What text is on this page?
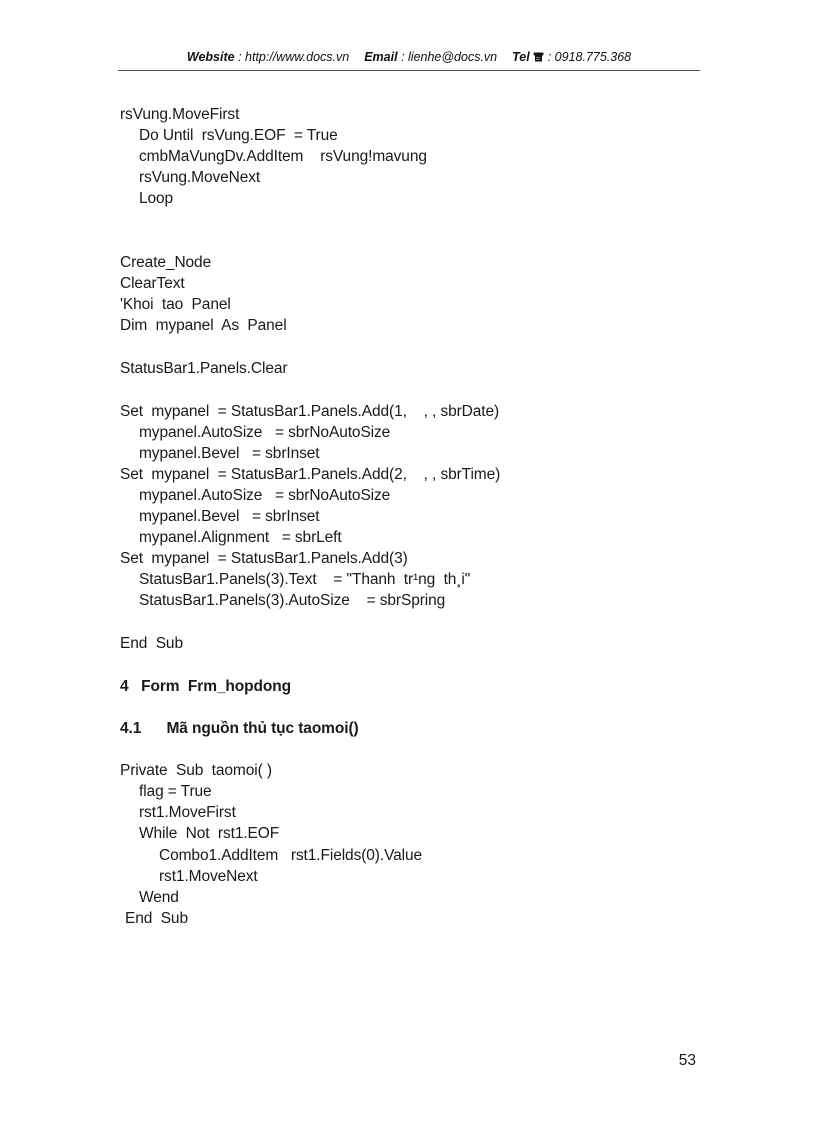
Website : http://www.docs.vn Email : lienhe@docs.vn Tel : 0918.775.368
rsVung.MoveFirst
Do Until  rsVung.EOF  = True
cmbMaVungDv.AddItem    rsVung!mavung
rsVung.MoveNext
Loop
Create_Node
ClearText
'Khoi  tao  Panel
Dim  mypanel  As  Panel
StatusBar1.Panels.Clear
Set  mypanel  = StatusBar1.Panels.Add(1,    , , sbrDate)
mypanel.AutoSize   = sbrNoAutoSize
mypanel.Bevel   = sbrInset
Set  mypanel  = StatusBar1.Panels.Add(2,    , , sbrTime)
mypanel.AutoSize   = sbrNoAutoSize
mypanel.Bevel   = sbrInset
mypanel.Alignment   = sbrLeft
Set  mypanel  = StatusBar1.Panels.Add(3)
StatusBar1.Panels(3).Text    = "Thanh  tr¹ng  th¸i"
StatusBar1.Panels(3).AutoSize    = sbrSpring
End  Sub
4   Form  Frm_hopdong
4.1      Mã nguồn thủ tục taomoi()
Private  Sub  taomoi( )
flag = True
rst1.MoveFirst
While  Not  rst1.EOF
Combo1.AddItem   rst1.Fields(0).Value
rst1.MoveNext
Wend
End  Sub
53
